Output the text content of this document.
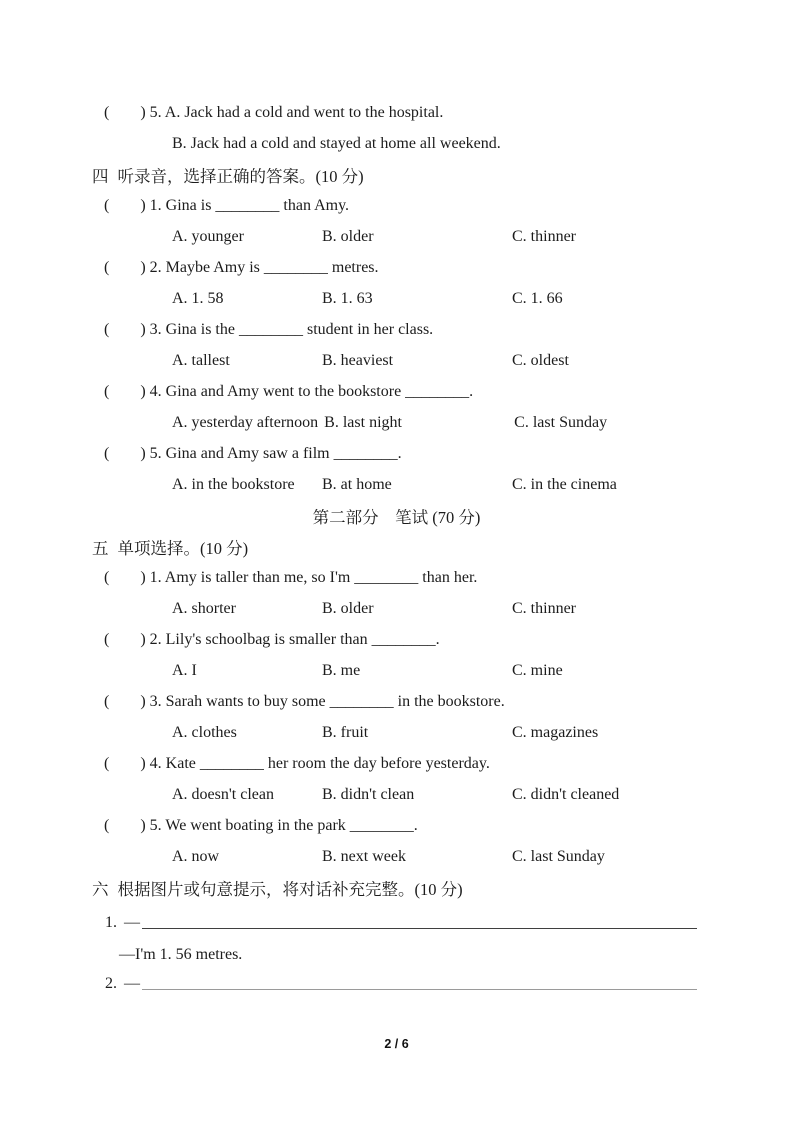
( ) 5. A. Jack had a cold and went to the hospital.
B. Jack had a cold and stayed at home all weekend.
四 听录音，选择正确的答案。(10 分)
( ) 1. Gina is ________ than Amy.
A. younger	B. older	C. thinner
( ) 2. Maybe Amy is ________ metres.
A. 1. 58	B. 1. 63	C. 1. 66
( ) 3. Gina is the ________ student in her class.
A. tallest	B. heaviest	C. oldest
( ) 4. Gina and Amy went to the bookstore ________.
A. yesterday afternoon B. last night	C. last Sunday
( ) 5. Gina and Amy saw a film ________.
A. in the bookstore	B. at home	C. in the cinema
第二部分　笔试 (70 分)
五 单项选择。(10 分)
( ) 1. Amy is taller than me, so I'm ________ than her.
A. shorter	B. older	C. thinner
( ) 2. Lily's schoolbag is smaller than ________.
A. I	B. me	C. mine
( ) 3. Sarah wants to buy some ________ in the bookstore.
A. clothes	B. fruit	C. magazines
( ) 4. Kate ________ her room the day before yesterday.
A. doesn't clean	B. didn't clean	C. didn't cleaned
( ) 5. We went boating in the park ________.
A. now	B. next week	C. last Sunday
六 根据图片或句意提示，将对话补充完整。(10 分)
1. —
—I'm 1. 56 metres.
2. —
2 / 6
